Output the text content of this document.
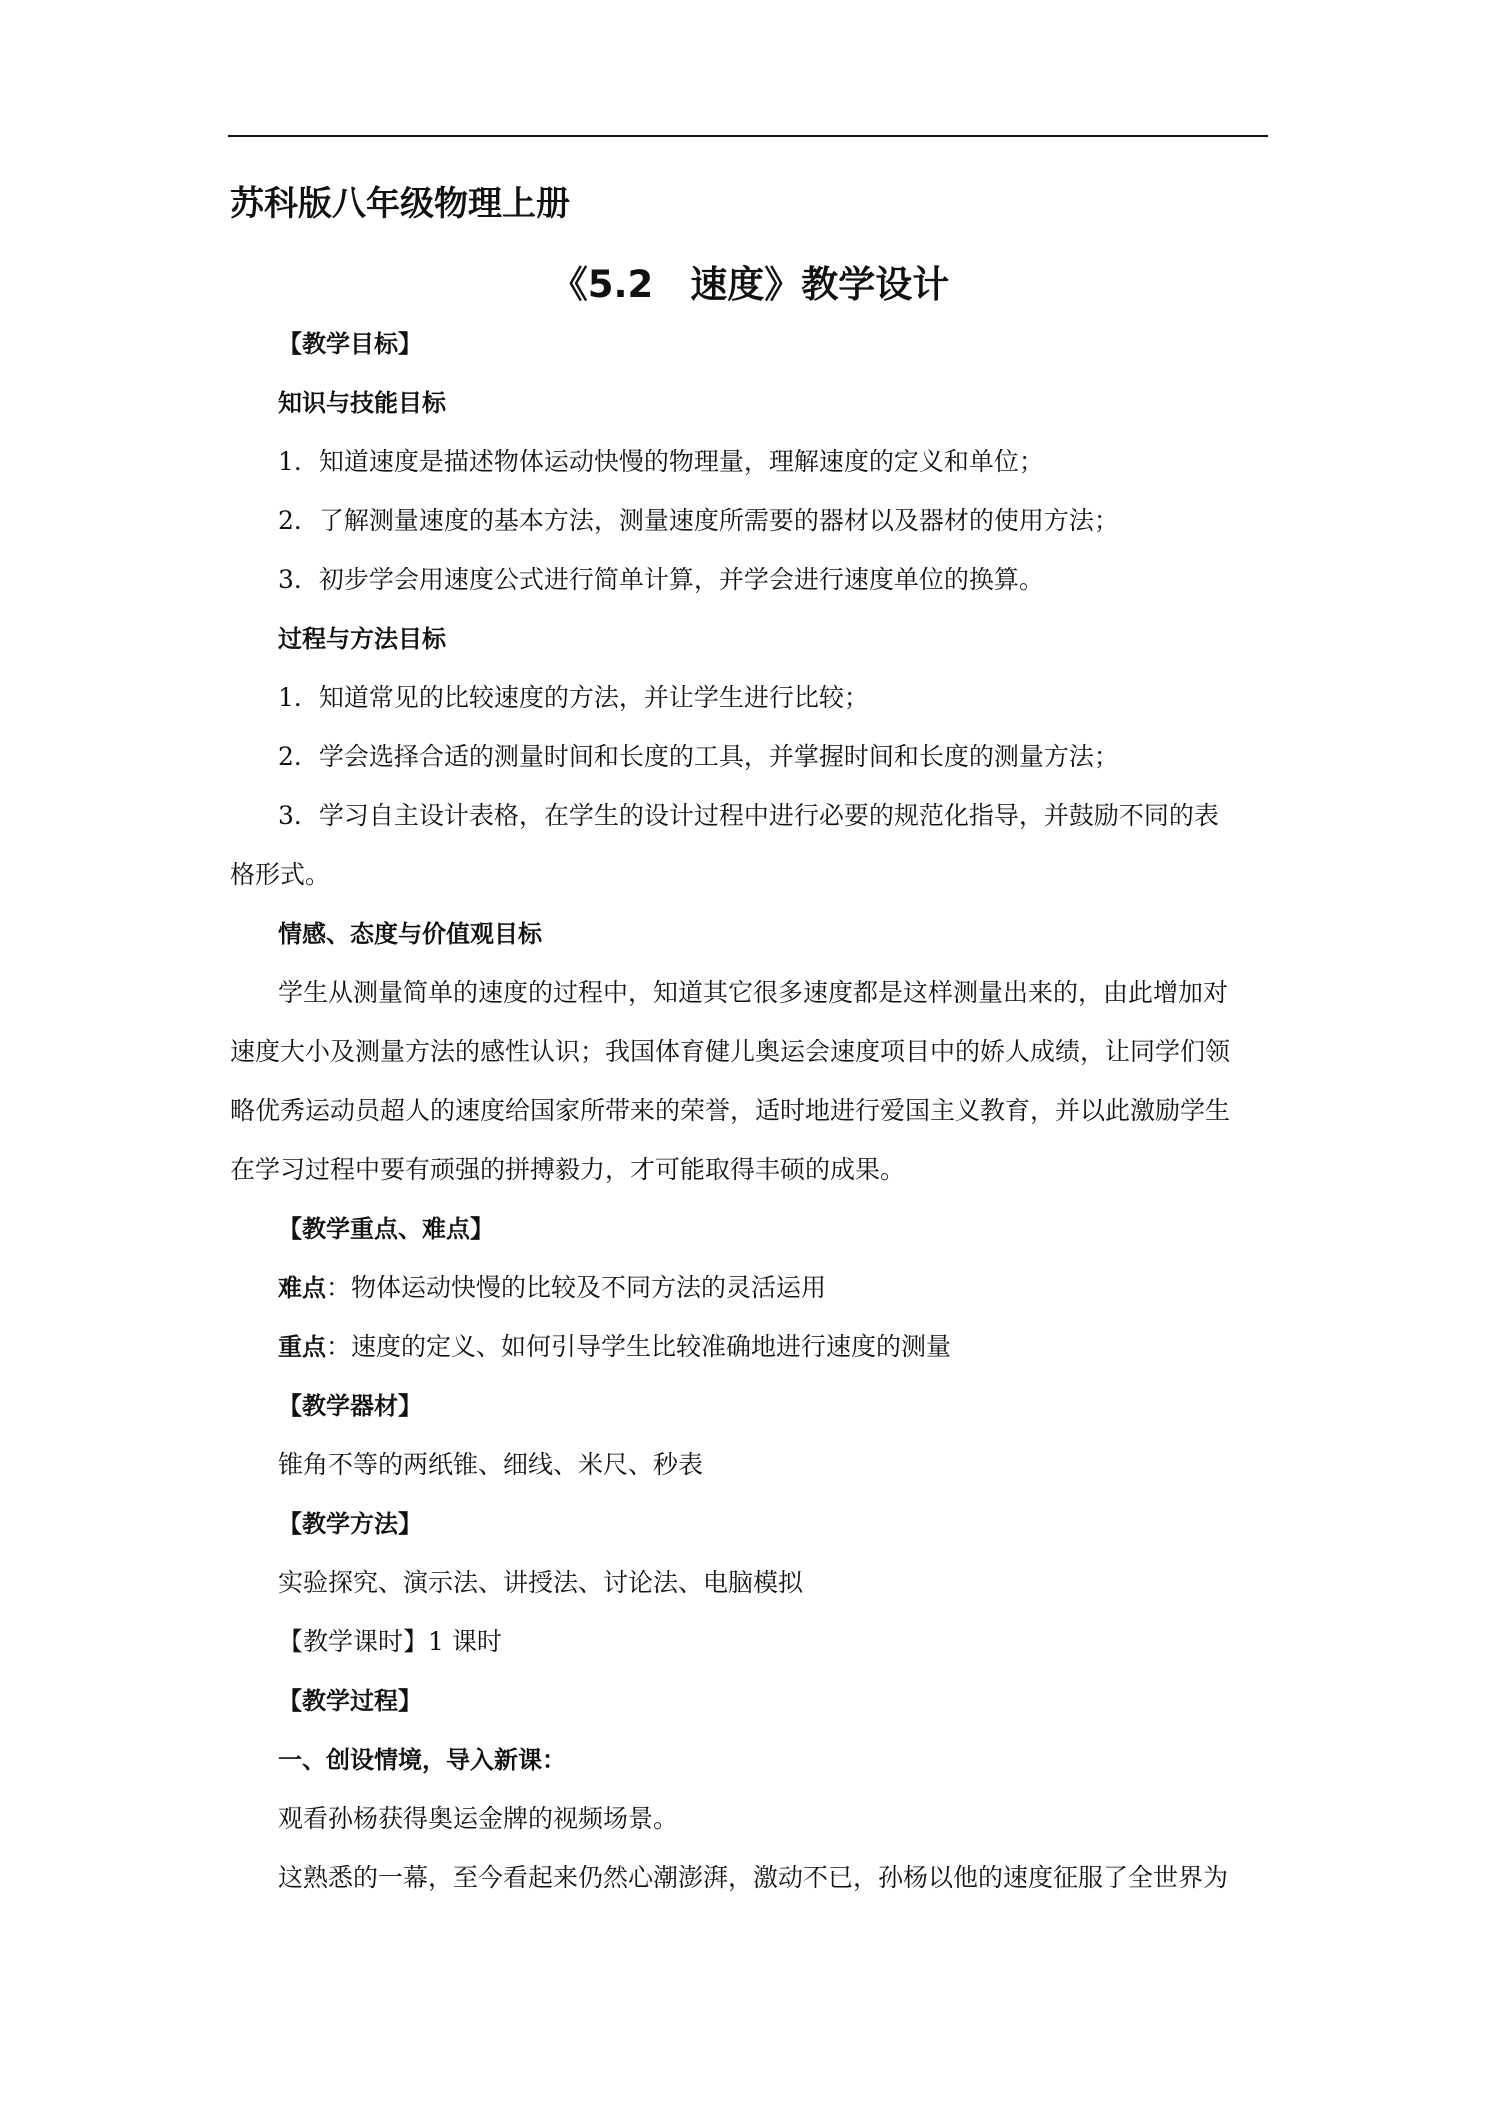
苏科版八年级物理上册
《5.2　速度》教学设计
【教学目标】
知识与技能目标
1．知道速度是描述物体运动快慢的物理量，理解速度的定义和单位；
2．了解测量速度的基本方法，测量速度所需要的器材以及器材的使用方法；
3．初步学会用速度公式进行简单计算，并学会进行速度单位的换算。
过程与方法目标
1．知道常见的比较速度的方法，并让学生进行比较；
2．学会选择合适的测量时间和长度的工具，并掌握时间和长度的测量方法；
3．学习自主设计表格，在学生的设计过程中进行必要的规范化指导，并鼓励不同的表
格形式。
情感、态度与价值观目标
学生从测量简单的速度的过程中，知道其它很多速度都是这样测量出来的，由此增加对
速度大小及测量方法的感性认识；我国体育健儿奥运会速度项目中的娇人成绩，让同学们领
略优秀运动员超人的速度给国家所带来的荣誉，适时地进行爱国主义教育，并以此激励学生
在学习过程中要有顽强的拼搏毅力，才可能取得丰硕的成果。
【教学重点、难点】
难点：物体运动快慢的比较及不同方法的灵活运用
重点：速度的定义、如何引导学生比较准确地进行速度的测量
【教学器材】
锥角不等的两纸锥、细线、米尺、秒表
【教学方法】
实验探究、演示法、讲授法、讨论法、电脑模拟
【教学课时】1 课时
【教学过程】
一、创设情境，导入新课：
观看孙杨获得奥运金牌的视频场景。
这熟悉的一幕，至今看起来仍然心潮澎湃，激动不已，孙杨以他的速度征服了全世界为
